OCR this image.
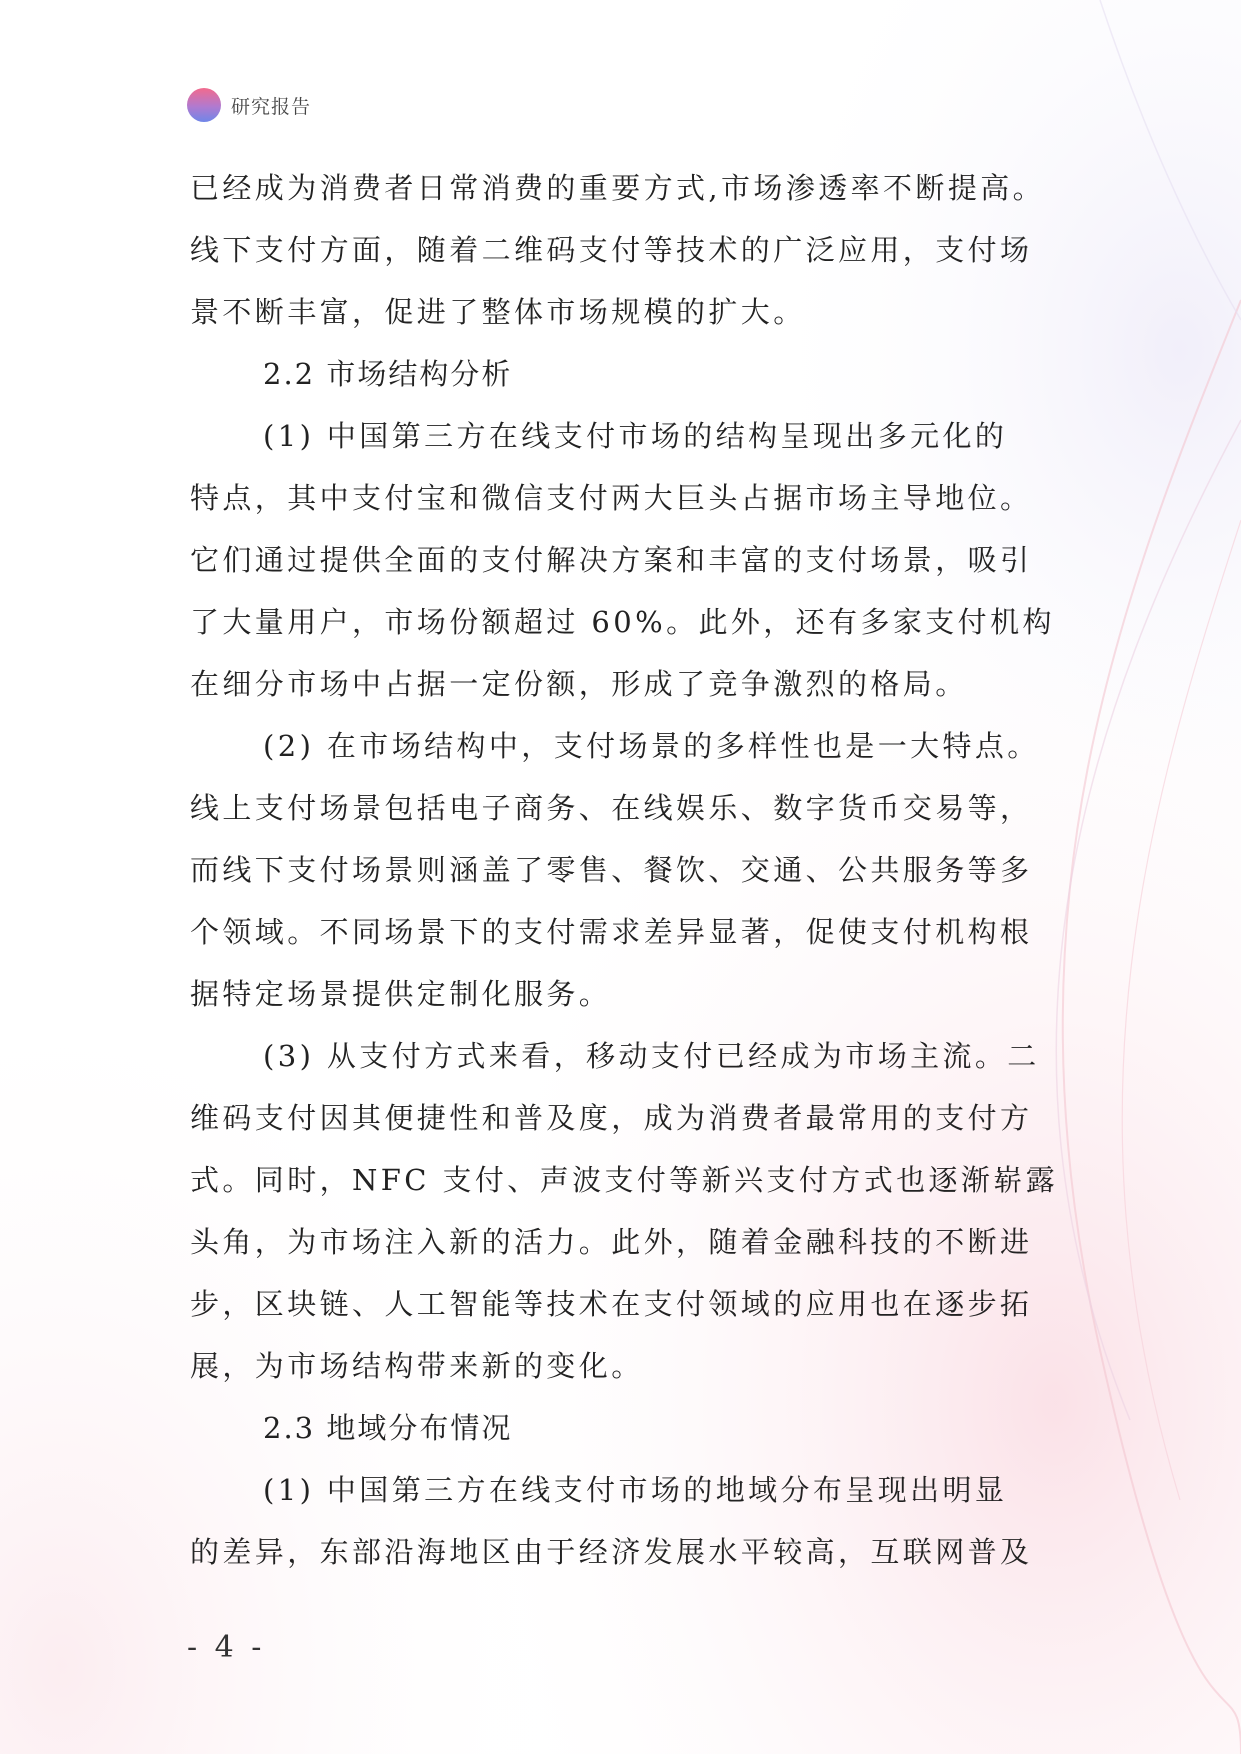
研究报告
已经成为消费者日常消费的重要方式,市场渗透率不断提高。
线下支付方面，随着二维码支付等技术的广泛应用，支付场
景不断丰富，促进了整体市场规模的扩大。
2.2 市场结构分析
(1) 中国第三方在线支付市场的结构呈现出多元化的
特点，其中支付宝和微信支付两大巨头占据市场主导地位。
它们通过提供全面的支付解决方案和丰富的支付场景，吸引
了大量用户，市场份额超过 60%。此外，还有多家支付机构
在细分市场中占据一定份额，形成了竞争激烈的格局。
(2) 在市场结构中，支付场景的多样性也是一大特点。
线上支付场景包括电子商务、在线娱乐、数字货币交易等，
而线下支付场景则涵盖了零售、餐饮、交通、公共服务等多
个领域。不同场景下的支付需求差异显著，促使支付机构根
据特定场景提供定制化服务。
(3) 从支付方式来看，移动支付已经成为市场主流。二
维码支付因其便捷性和普及度，成为消费者最常用的支付方
式。同时，NFC 支付、声波支付等新兴支付方式也逐渐崭露
头角，为市场注入新的活力。此外，随着金融科技的不断进
步，区块链、人工智能等技术在支付领域的应用也在逐步拓
展，为市场结构带来新的变化。
2.3 地域分布情况
(1) 中国第三方在线支付市场的地域分布呈现出明显
的差异，东部沿海地区由于经济发展水平较高，互联网普及
- 4 -
